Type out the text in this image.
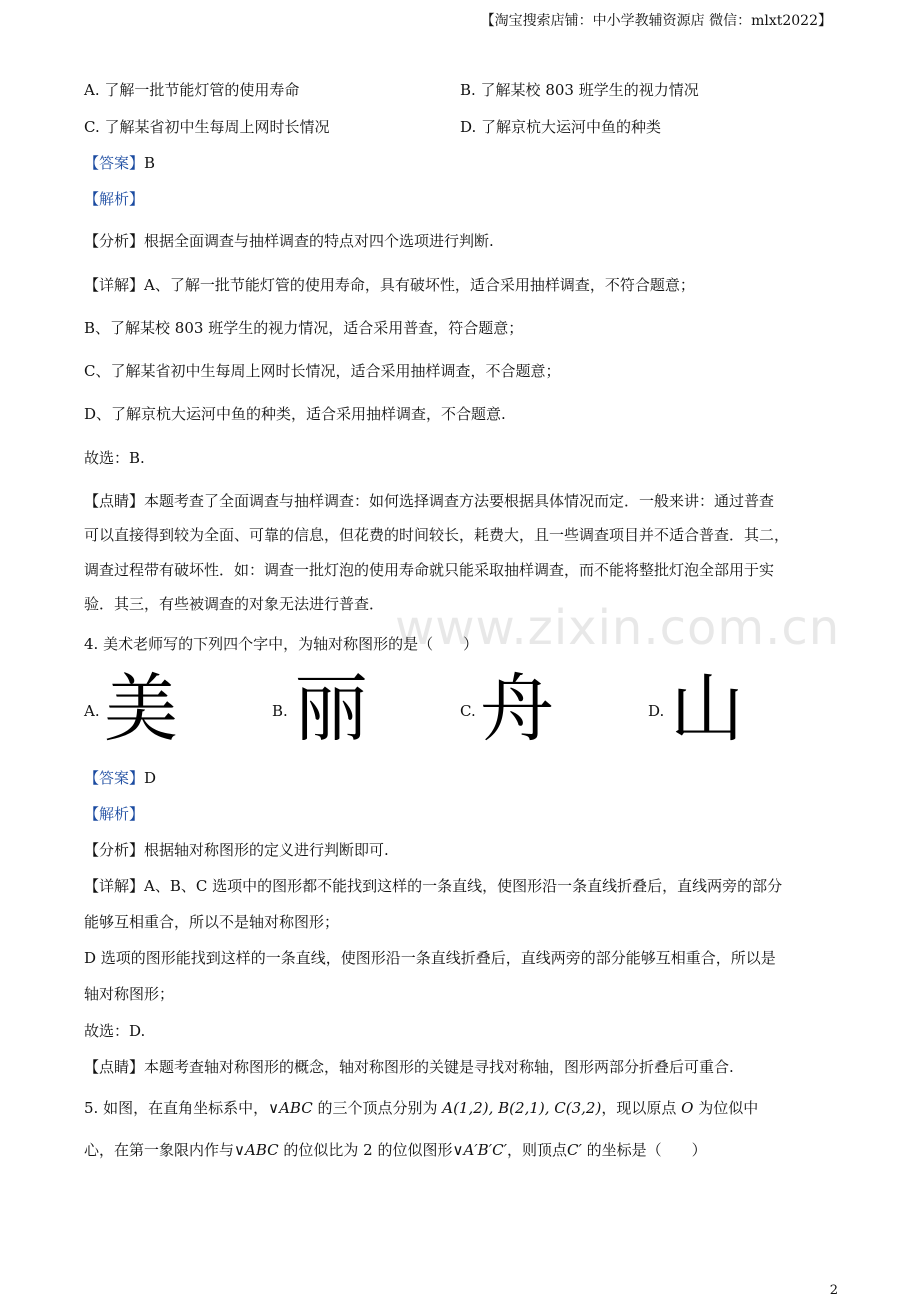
【淘宝搜索店铺：中小学教辅资源店 微信：mlxt2022】
A. 了解一批节能灯管的使用寿命	B. 了解某校 803 班学生的视力情况
C. 了解某省初中生每周上网时长情况	D. 了解京杭大运河中鱼的种类
【答案】B
【解析】
【分析】根据全面调查与抽样调查的特点对四个选项进行判断.
【详解】A、了解一批节能灯管的使用寿命，具有破坏性，适合采用抽样调查，不符合题意；
B、了解某校 803 班学生的视力情况，适合采用普查，符合题意；
C、了解某省初中生每周上网时长情况，适合采用抽样调查，不合题意；
D、了解京杭大运河中鱼的种类，适合采用抽样调查，不合题意.
故选：B.
【点睛】本题考查了全面调查与抽样调查：如何选择调查方法要根据具体情况而定．一般来讲：通过普查
可以直接得到较为全面、可靠的信息，但花费的时间较长，耗费大，且一些调查项目并不适合普查．其二，
调查过程带有破坏性．如：调查一批灯泡的使用寿命就只能采取抽样调查，而不能将整批灯泡全部用于实
验．其三，有些被调查的对象无法进行普查． www.zixin.com.cn
4. 美术老师写的下列四个字中，为轴对称图形的是（　　）
A. 美	B. 丽	C. 舟	D. 山
【答案】D
【解析】
【分析】根据轴对称图形的定义进行判断即可.
【详解】A、B、C 选项中的图形都不能找到这样的一条直线，使图形沿一条直线折叠后，直线两旁的部分
能够互相重合，所以不是轴对称图形；
D 选项的图形能找到这样的一条直线，使图形沿一条直线折叠后，直线两旁的部分能够互相重合，所以是
轴对称图形；
故选：D.
【点睛】本题考查轴对称图形的概念，轴对称图形的关键是寻找对称轴，图形两部分折叠后可重合.
5. 如图，在直角坐标系中，∨ABC 的三个顶点分别为 A(1,2), B(2,1), C(3,2)，现以原点 O 为位似中
心，在第一象限内作与∨ABC 的位似比为 2 的位似图形∨A′B′C′，则顶点C′ 的坐标是（　　）
2
